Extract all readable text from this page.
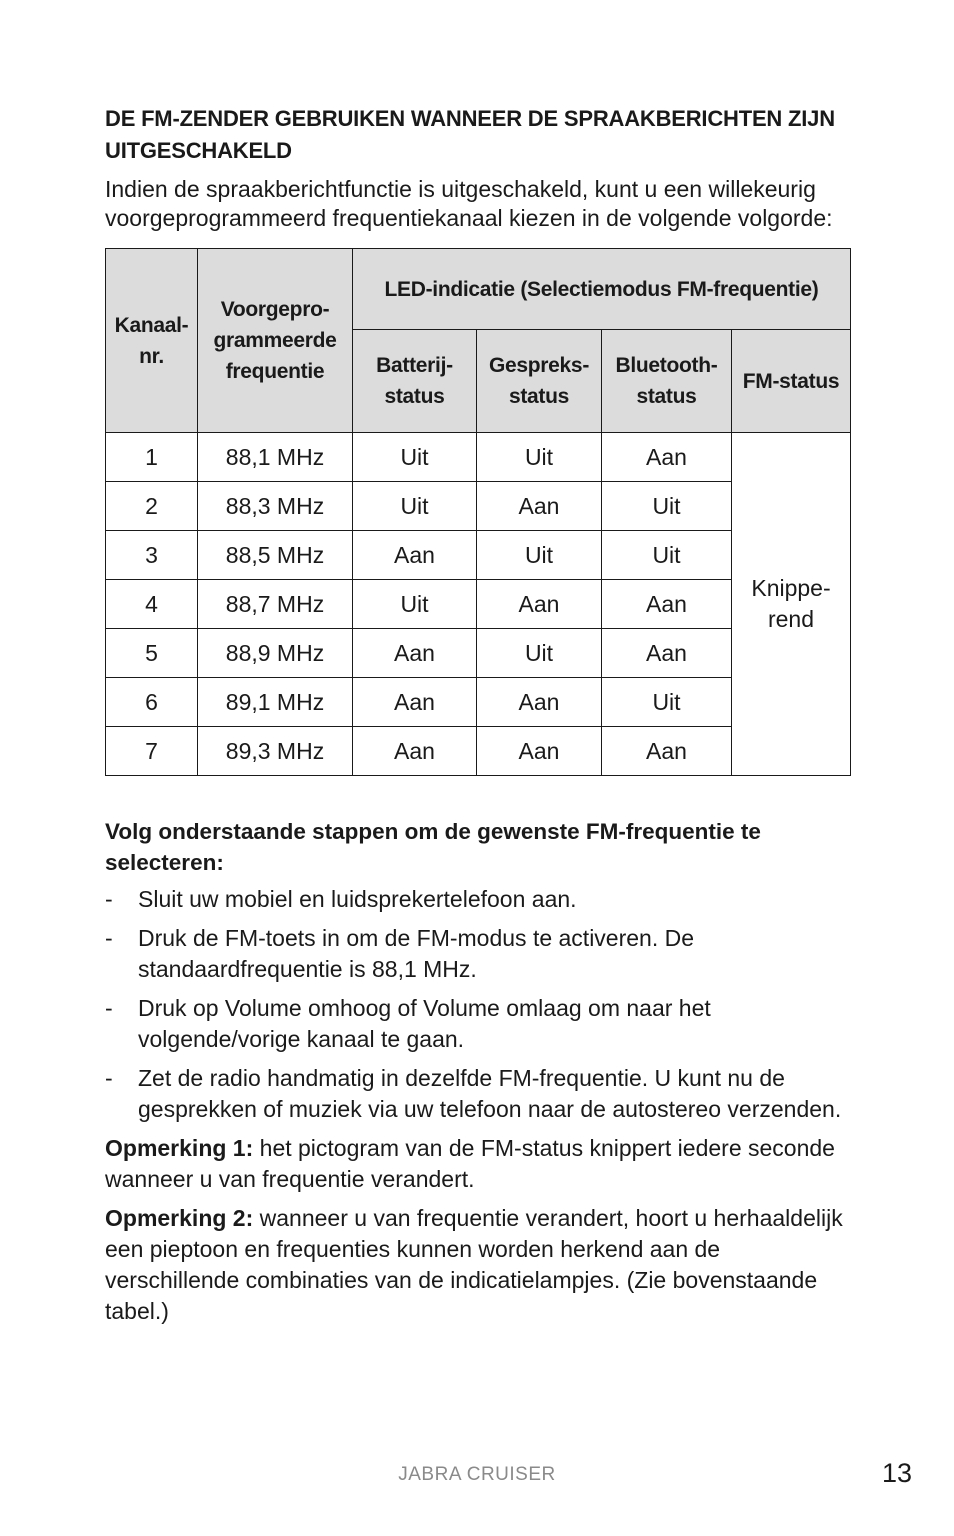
DE FM-ZENDER GEBRUIKEN WANNEER DE SPRAAKBERICHTEN ZIJN UITGESCHAKELD

Indien de spraakberichtfunctie is uitgeschakeld, kunt u een willekeurig voorgeprogrammeerd frequentiekanaal kiezen in de volgende volgorde:

Kanaal-nr.	Voorgepro-grammeerde frequentie	LED-indicatie (Selectiemodus FM-frequentie)			
		Batterij-status	Gespreks-status	Bluetooth-status	FM-status
1	88,1 MHz	Uit	Uit	Aan	Knippe-rend
2	88,3 MHz	Uit	Aan	Uit	
3	88,5 MHz	Aan	Uit	Uit	
4	88,7 MHz	Uit	Aan	Aan	
5	88,9 MHz	Aan	Uit	Aan	
6	89,1 MHz	Aan	Aan	Uit	
7	89,3 MHz	Aan	Aan	Aan	

Volg onderstaande stappen om de gewenste FM-frequentie te selecteren:

- Sluit uw mobiel en luidsprekertelefoon aan.
- Druk de FM-toets in om de FM-modus te activeren. De standaardfrequentie is 88,1 MHz.
- Druk op Volume omhoog of Volume omlaag om naar het volgende/vorige kanaal te gaan.
- Zet de radio handmatig in dezelfde FM-frequentie. U kunt nu de gesprekken of muziek via uw telefoon naar de autostereo verzenden.

Opmerking 1: het pictogram van de FM-status knippert iedere seconde wanneer u van frequentie verandert.

Opmerking 2: wanneer u van frequentie verandert, hoort u herhaaldelijk een pieptoon en frequenties kunnen worden herkend aan de verschillende combinaties van de indicatielampjes. (Zie bovenstaande tabel.)

JABRA CRUISER	13
